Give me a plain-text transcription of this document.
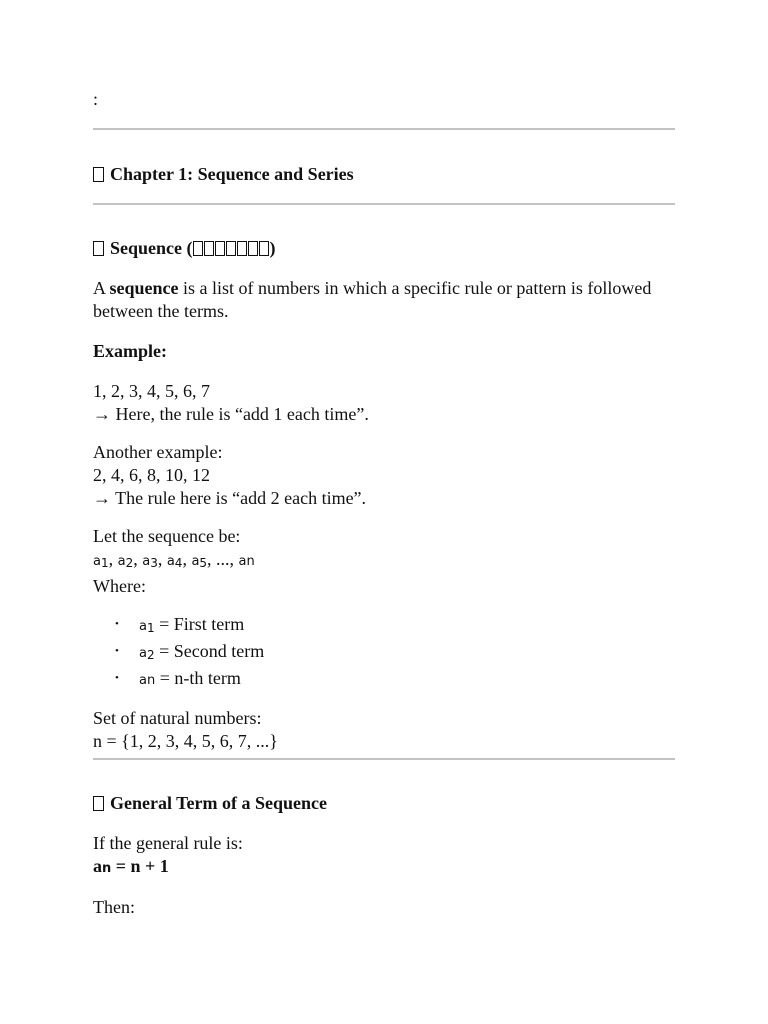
:

Chapter 1: Sequence and Series

Sequence (	)

A sequence is a list of numbers in which a specific rule or pattern is followed between the terms.

Example:

1, 2, 3, 4, 5, 6, 7

→ Here, the rule is “add 1 each time”.

Another example:

2, 4, 6, 8, 10, 12

→ The rule here is “add 2 each time”.

Let the sequence be:

a1, a2, a3, a4, a5, ..., an

Where:

• a1 = First term
• a2 = Second term
• an = n-th term

Set of natural numbers:

n = {1, 2, 3, 4, 5, 6, 7, ...}

General Term of a Sequence

If the general rule is:

an = n + 1

Then:
